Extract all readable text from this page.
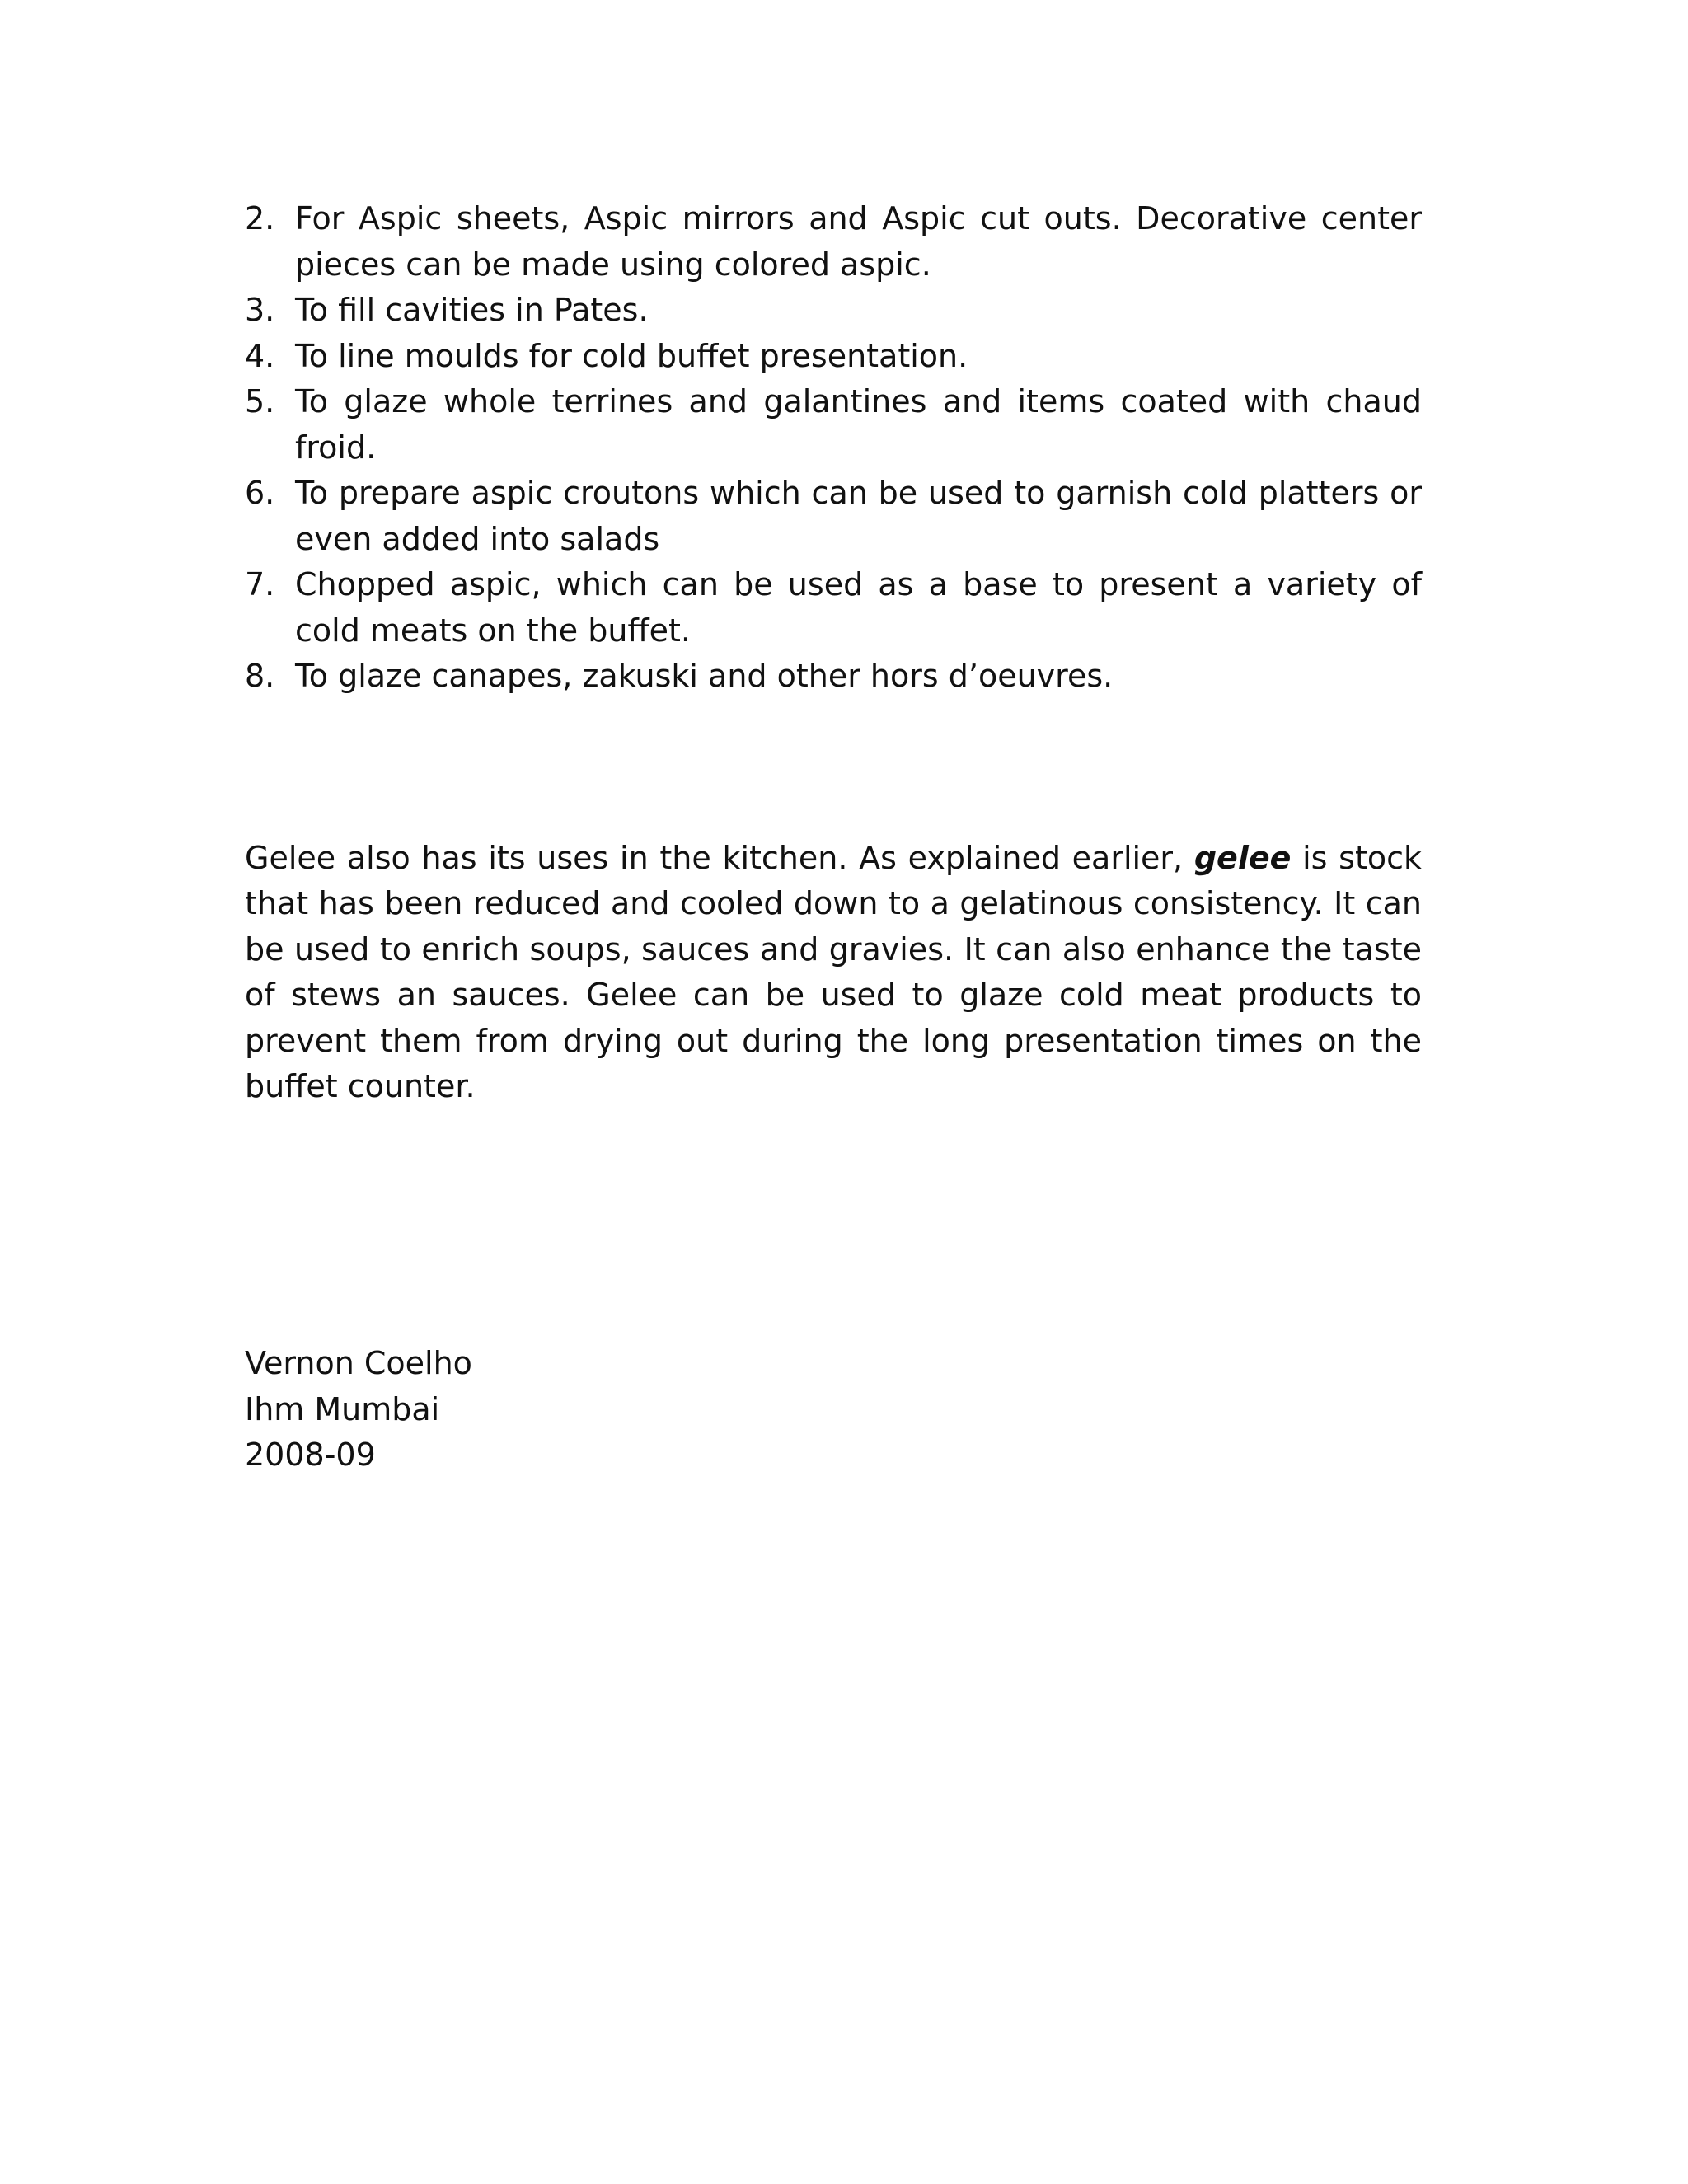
2. For Aspic sheets, Aspic mirrors and Aspic cut outs. Decorative center pieces can be made using colored aspic.
3. To fill cavities in Pates.
4. To line moulds for cold buffet presentation.
5. To glaze whole terrines and galantines and items coated with chaud froid.
6. To prepare aspic croutons which can be used to garnish cold platters or even added into salads
7. Chopped aspic, which can be used as a base to present a variety of cold meats on the buffet.
8. To glaze canapes, zakuski and other hors d’oeuvres.

Gelee also has its uses in the kitchen. As explained earlier, gelee is stock that has been reduced and cooled down to a gelatinous consistency. It can be used to enrich soups, sauces and gravies. It can also enhance the taste of stews an sauces. Gelee can be used to glaze cold meat products to prevent them from drying out during the long presentation times on the buffet counter.

Vernon Coelho
Ihm Mumbai
2008-09
